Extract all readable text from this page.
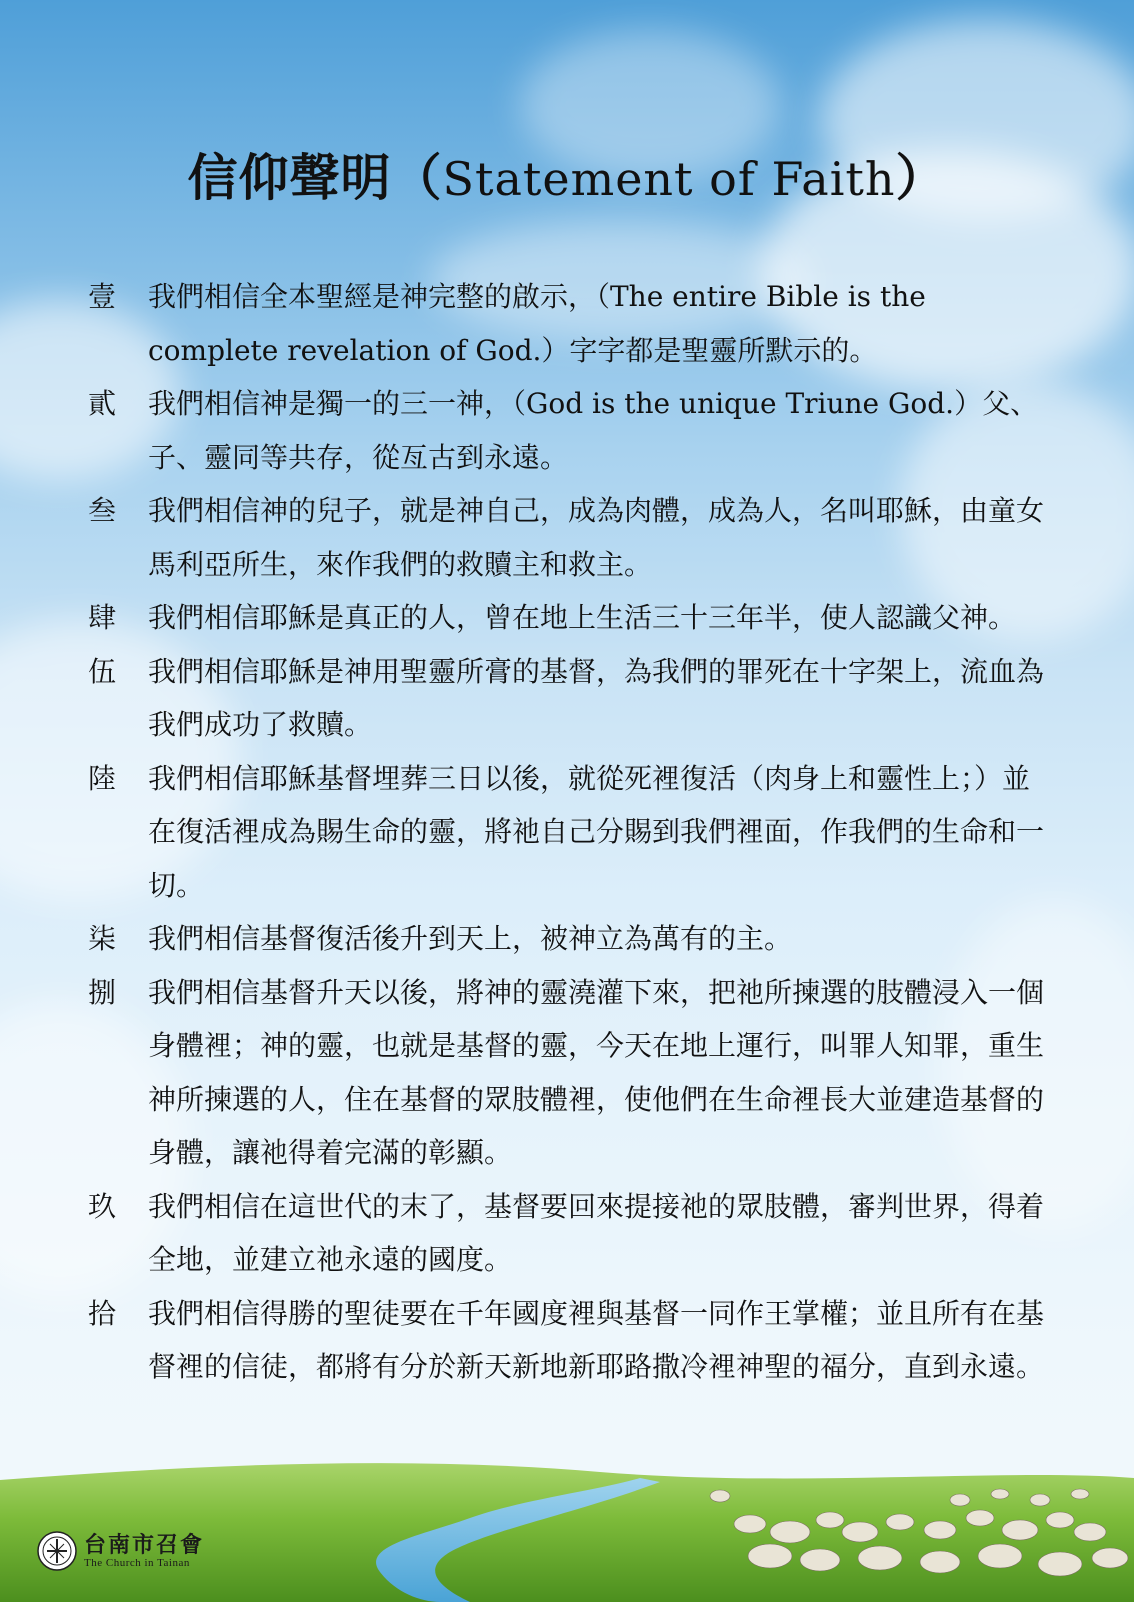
信仰聲明（Statement of Faith）
壹	我們相信全本聖經是神完整的啟示，（The entire Bible is the complete revelation of God.）字字都是聖靈所默示的。
貳	我們相信神是獨一的三一神，（God is the unique Triune God.）父、子、靈同等共存，從亙古到永遠。
叁	我們相信神的兒子，就是神自己，成為肉體，成為人，名叫耶穌，由童女馬利亞所生，來作我們的救贖主和救主。
肆	我們相信耶穌是真正的人，曾在地上生活三十三年半，使人認識父神。
伍	我們相信耶穌是神用聖靈所膏的基督，為我們的罪死在十字架上，流血為我們成功了救贖。
陸	我們相信耶穌基督埋葬三日以後，就從死裡復活（肉身上和靈性上；）並在復活裡成為賜生命的靈，將祂自己分賜到我們裡面，作我們的生命和一切。
柒	我們相信基督復活後升到天上，被神立為萬有的主。
捌	我們相信基督升天以後，將神的靈澆灌下來，把祂所揀選的肢體浸入一個身體裡；神的靈，也就是基督的靈，今天在地上運行，叫罪人知罪，重生神所揀選的人，住在基督的眾肢體裡，使他們在生命裡長大並建造基督的身體，讓祂得着完滿的彰顯。
玖	我們相信在這世代的末了，基督要回來提接祂的眾肢體，審判世界，得着全地，並建立祂永遠的國度。
拾	我們相信得勝的聖徒要在千年國度裡與基督一同作王掌權；並且所有在基督裡的信徒，都將有分於新天新地新耶路撒冷裡神聖的福分，直到永遠。
台南市召會
The Church in Tainan
